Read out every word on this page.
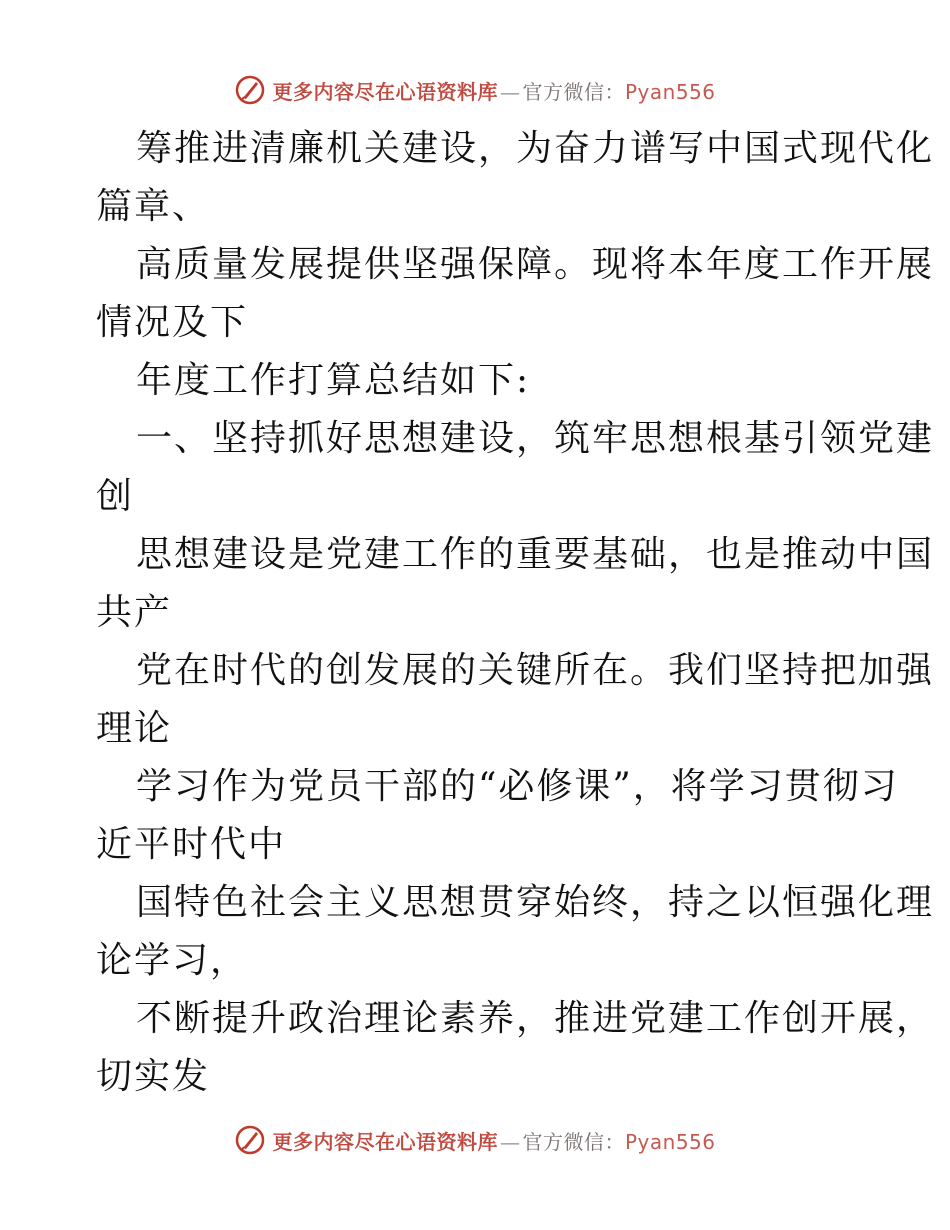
更多内容尽在心语资料库 — 官方微信：Pyan556
筹推进清廉机关建设，为奋力谱写中国式现代化
篇章、
高质量发展提供坚强保障。现将本年度工作开展
情况及下
年度工作打算总结如下:
一、坚持抓好思想建设，筑牢思想根基引领党建
创
思想建设是党建工作的重要基础，也是推动中国
共产
党在时代的创发展的关键所在。我们坚持把加强
理论
学习作为党员干部的“必修课”，将学习贯彻习
近平时代中
国特色社会主义思想贯穿始终，持之以恒强化理
论学习，
不断提升政治理论素养，推进党建工作创开展，
切实发
更多内容尽在心语资料库 — 官方微信：Pyan556
